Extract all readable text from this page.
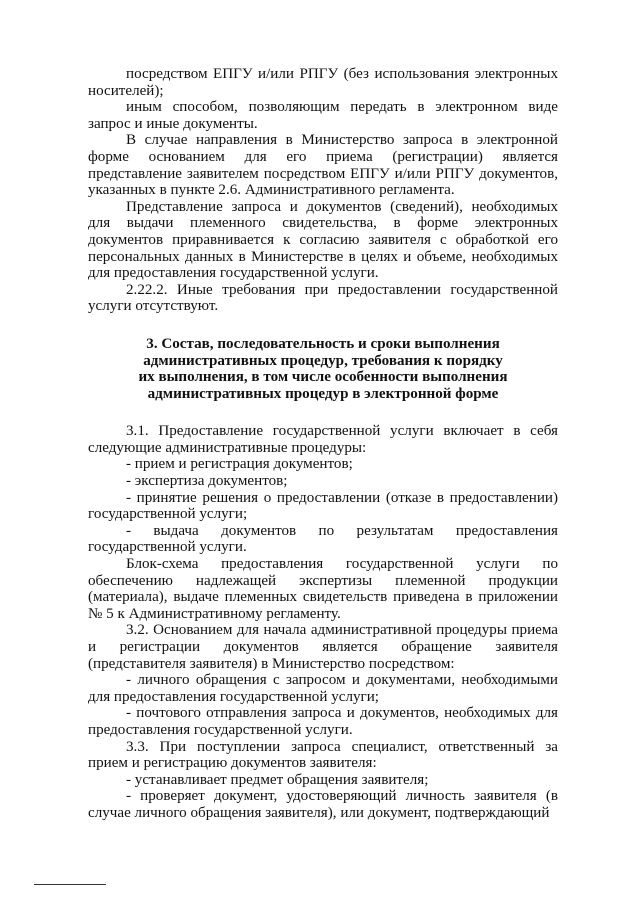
посредством ЕПГУ и/или РПГУ (без использования электронных носителей);

иным способом, позволяющим передать в электронном виде запрос и иные документы.

В случае направления в Министерство запроса в электронной форме основанием для его приема (регистрации) является представление заявителем посредством ЕПГУ и/или РПГУ документов, указанных в пункте 2.6. Административного регламента.

Представление запроса и документов (сведений), необходимых для выдачи племенного свидетельства, в форме электронных документов приравнивается к согласию заявителя с обработкой его персональных данных в Министерстве в целях и объеме, необходимых для предоставления государственной услуги.

2.22.2. Иные требования при предоставлении государственной услуги отсутствуют.

3. Состав, последовательность и сроки выполнения
административных процедур, требования к порядку
их выполнения, в том числе особенности выполнения
административных процедур в электронной форме

3.1. Предоставление государственной услуги включает в себя следующие административные процедуры:

- прием и регистрация документов;

- экспертиза документов;

- принятие решения о предоставлении (отказе в предоставлении) государственной услуги;

- выдача документов по результатам предоставления государственной услуги.

Блок-схема предоставления государственной услуги по обеспечению надлежащей экспертизы племенной продукции (материала), выдаче племенных свидетельств приведена в приложении № 5 к Административному регламенту.

3.2. Основанием для начала административной процедуры приема и регистрации документов является обращение заявителя (представителя заявителя) в Министерство посредством:

- личного обращения с запросом и документами, необходимыми для предоставления государственной услуги;

- почтового отправления запроса и документов, необходимых для предоставления государственной услуги.

3.3. При поступлении запроса специалист, ответственный за прием и регистрацию документов заявителя:

- устанавливает предмет обращения заявителя;

- проверяет документ, удостоверяющий личность заявителя (в случае личного обращения заявителя), или документ, подтверждающий
